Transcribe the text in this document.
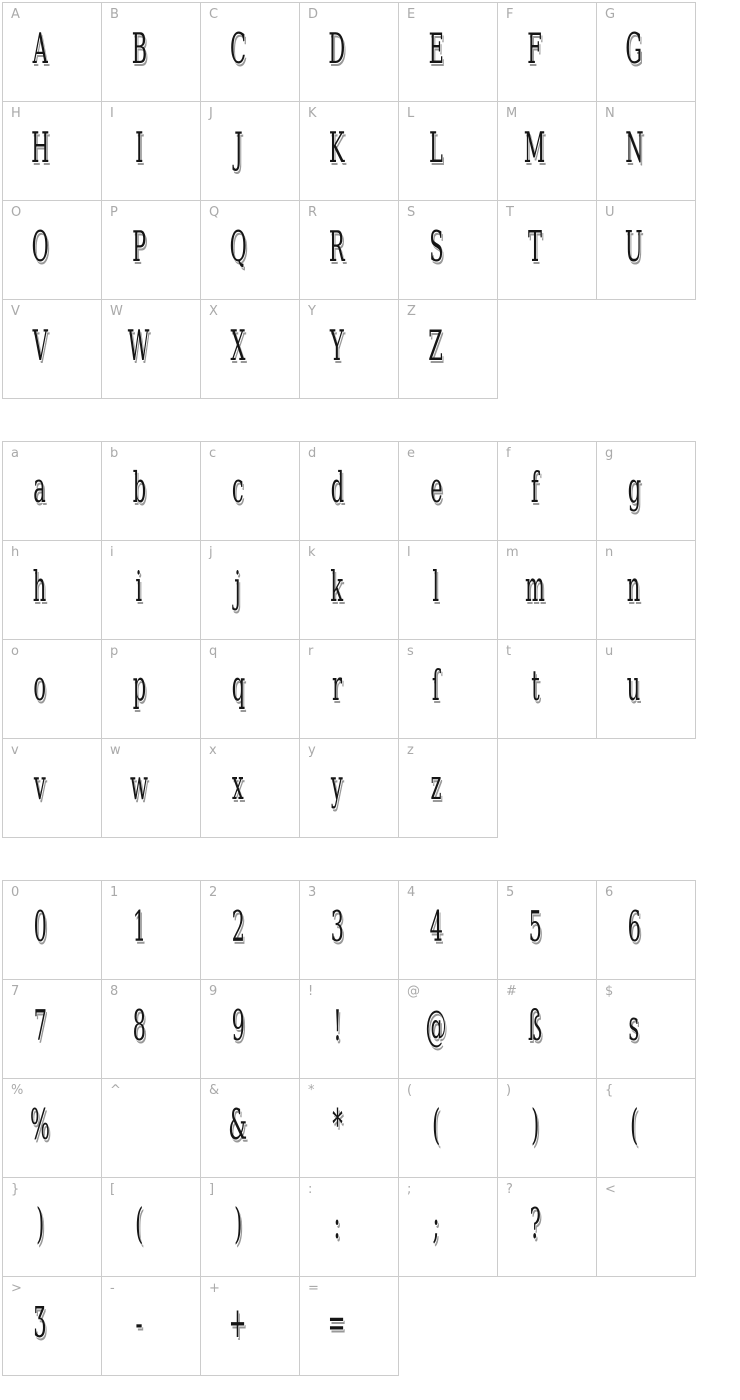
A
A
B
B
C
C
D
D
E
E
F
F
G
G
H
H
I
I
J
J
K
K
L
L
M
M
N
N
O
O
P
P
Q
Q
R
R
S
S
T
T
U
U
V
V
W
W
X
X
Y
Y
Z
Z
a
a
b
b
c
c
d
d
e
e
f
f
g
g
h
h
i
i
j
j
k
k
l
l
m
m
n
n
o
o
p
p
q
q
r
r
s
ſ
t
t
u
u
v
v
w
w
x
x
y
y
z
z
0
0
1
1
2
2
3
3
4
4
5
5
6
6
7
7
8
8
9
9
!
!
@
@
#
ß
$
s
%
%
^	&
&
*
*
(
(
)
)
{
(
}
)
[
(
]
)
:
:
;
;
?
?
<
>
Ʒ
-
-
+
+
=
=
